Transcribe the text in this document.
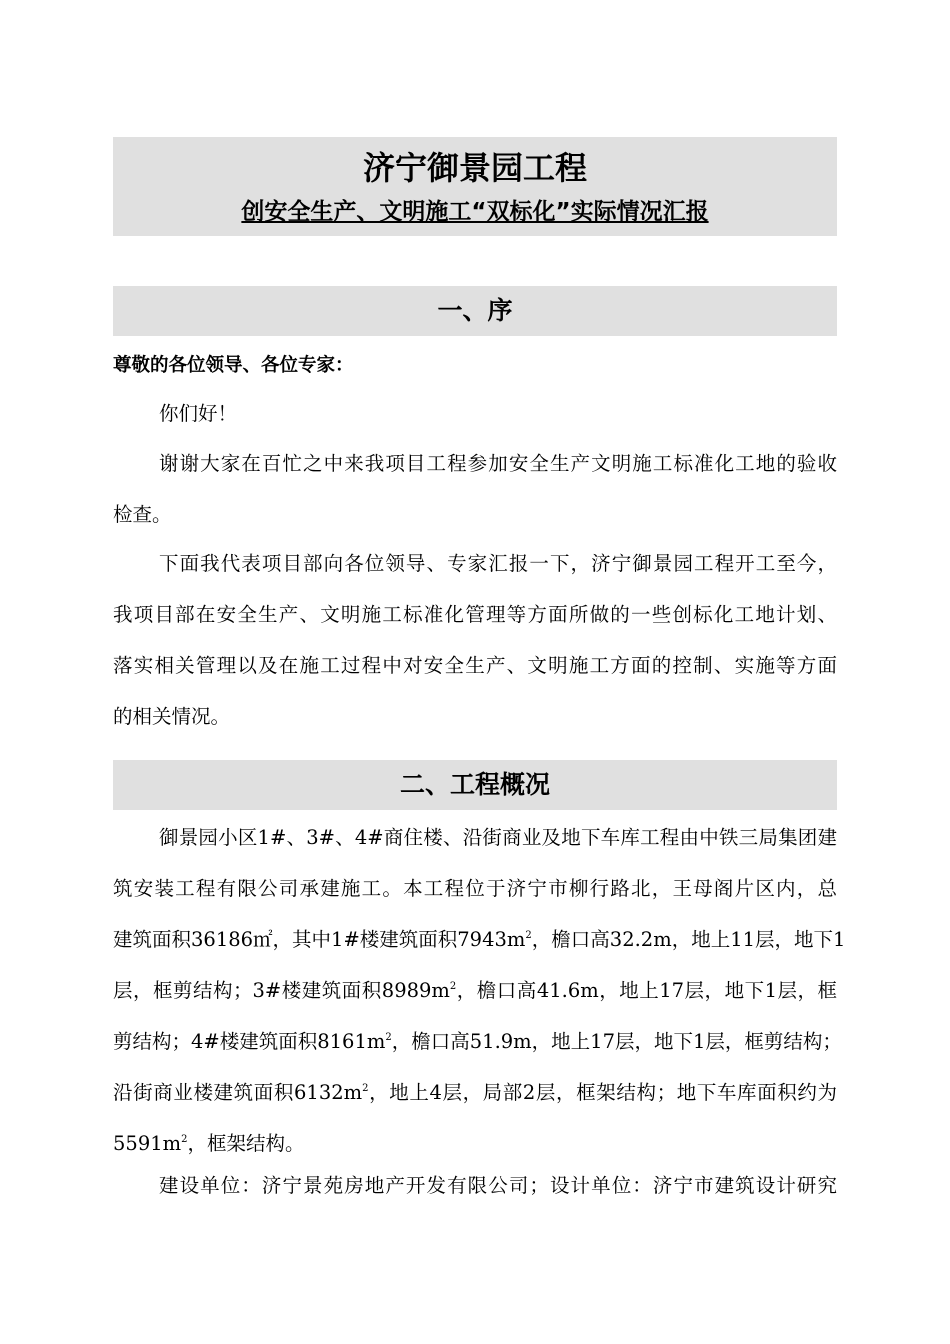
济宁御景园工程
创安全生产、文明施工“双标化”实际情况汇报
一、序

尊敬的各位领导、各位专家：

你们好！

谢谢大家在百忙之中来我项目工程参加安全生产文明施工标准化工地的验收
检查。

下面我代表项目部向各位领导、专家汇报一下，济宁御景园工程开工至今，
我项目部在安全生产、文明施工标准化管理等方面所做的一些创标化工地计划、
落实相关管理以及在施工过程中对安全生产、文明施工方面的控制、实施等方面
的相关情况。

二、工程概况

御景园小区1#、3#、4#商住楼、沿街商业及地下车库工程由中铁三局集团建
筑安装工程有限公司承建施工。本工程位于济宁市柳行路北，王母阁片区内，总
建筑面积36186㎡，其中1#楼建筑面积$7943m^2$，檐口高32.2m，地上11层，地下1
层，框剪结构；3#楼建筑面积$8989m^2$，檐口高41.6m，地上17层，地下1层，框
剪结构；4#楼建筑面积$8161m^2$，檐口高51.9m，地上17层，地下1层，框剪结构；
沿街商业楼建筑面积$6132m^2$，地上4层，局部2层，框架结构；地下车库面积约为
$5591m^2$，框架结构。

建设单位：济宁景苑房地产开发有限公司；设计单位：济宁市建筑设计研究
